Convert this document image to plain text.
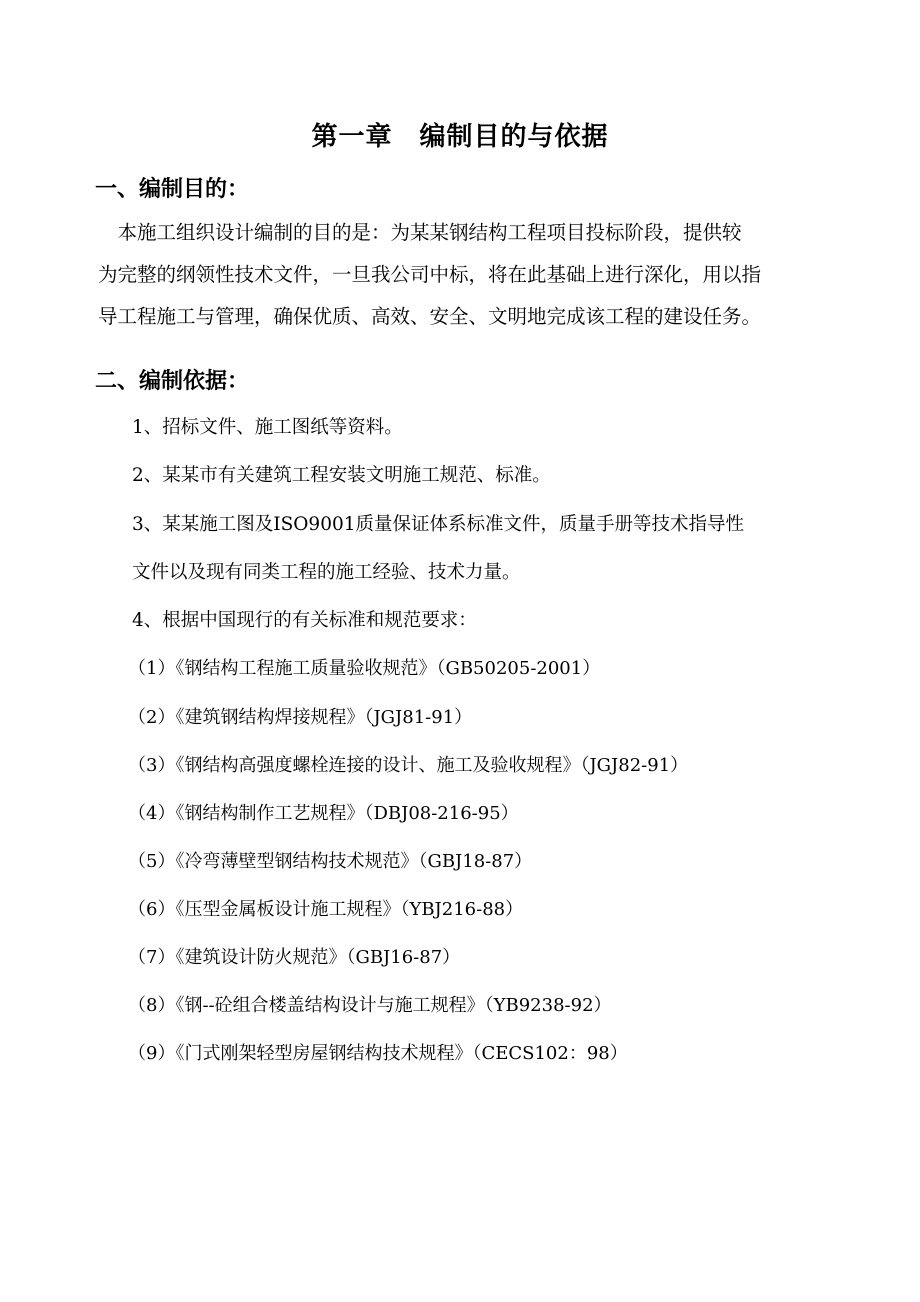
第一章　编制目的与依据
一、编制目的：
　本施工组织设计编制的目的是：为某某钢结构工程项目投标阶段，提供较
为完整的纲领性技术文件，一旦我公司中标，将在此基础上进行深化，用以指
导工程施工与管理，确保优质、高效、安全、文明地完成该工程的建设任务。
二、编制依据：
1、招标文件、施工图纸等资料。
2、某某市有关建筑工程安装文明施工规范、标准。
3、某某施工图及ISO9001质量保证体系标准文件，质量手册等技术指导性
文件以及现有同类工程的施工经验、技术力量。
4、根据中国现行的有关标准和规范要求：
（1）《钢结构工程施工质量验收规范》（GB50205-2001）
（2）《建筑钢结构焊接规程》（JGJ81-91）
（3）《钢结构高强度螺栓连接的设计、施工及验收规程》（JGJ82-91）
（4）《钢结构制作工艺规程》（DBJ08-216-95）
（5）《冷弯薄壁型钢结构技术规范》（GBJ18-87）
（6）《压型金属板设计施工规程》（YBJ216-88）
（7）《建筑设计防火规范》（GBJ16-87）
（8）《钢--砼组合楼盖结构设计与施工规程》（YB9238-92）
（9）《门式刚架轻型房屋钢结构技术规程》（CECS102：98）
